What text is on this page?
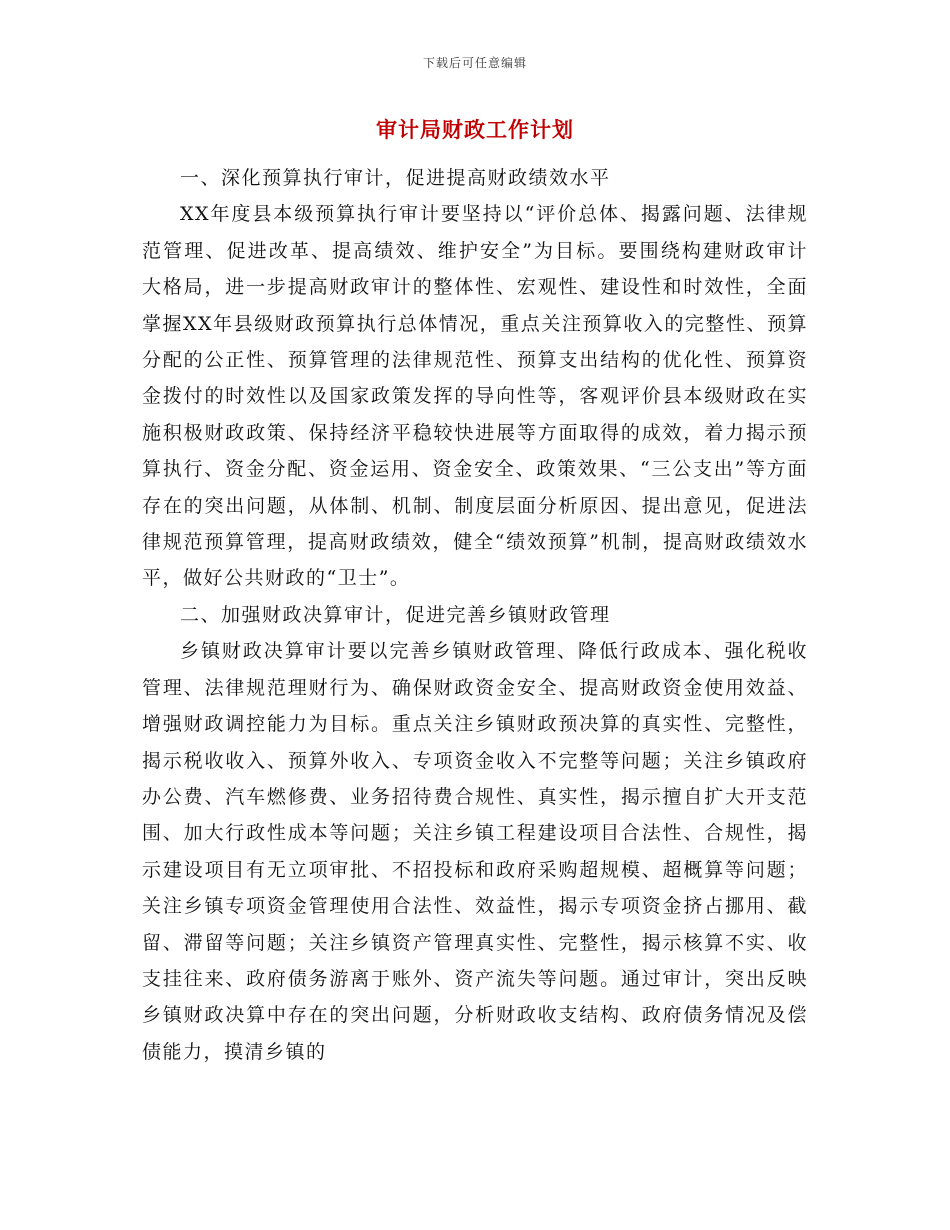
下载后可任意编辑
审计局财政工作计划

一、深化预算执行审计，促进提高财政绩效水平

XX年度县本级预算执行审计要坚持以“评价总体、揭露问题、法律规范管理、促进改革、提高绩效、维护安全”为目标。要围绕构建财政审计大格局，进一步提高财政审计的整体性、宏观性、建设性和时效性，全面掌握XX年县级财政预算执行总体情况，重点关注预算收入的完整性、预算分配的公正性、预算管理的法律规范性、预算支出结构的优化性、预算资金拨付的时效性以及国家政策发挥的导向性等，客观评价县本级财政在实施积极财政政策、保持经济平稳较快进展等方面取得的成效，着力揭示预算执行、资金分配、资金运用、资金安全、政策效果、“三公支出”等方面存在的突出问题，从体制、机制、制度层面分析原因、提出意见，促进法律规范预算管理，提高财政绩效，健全“绩效预算”机制，提高财政绩效水平，做好公共财政的“卫士”。

二、加强财政决算审计，促进完善乡镇财政管理

乡镇财政决算审计要以完善乡镇财政管理、降低行政成本、强化税收管理、法律规范理财行为、确保财政资金安全、提高财政资金使用效益、增强财政调控能力为目标。重点关注乡镇财政预决算的真实性、完整性，揭示税收收入、预算外收入、专项资金收入不完整等问题；关注乡镇政府办公费、汽车燃修费、业务招待费合规性、真实性，揭示擅自扩大开支范围、加大行政性成本等问题；关注乡镇工程建设项目合法性、合规性，揭示建设项目有无立项审批、不招投标和政府采购超规模、超概算等问题；关注乡镇专项资金管理使用合法性、效益性，揭示专项资金挤占挪用、截留、滞留等问题；关注乡镇资产管理真实性、完整性，揭示核算不实、收支挂往来、政府债务游离于账外、资产流失等问题。通过审计，突出反映乡镇财政决算中存在的突出问题，分析财政收支结构、政府债务情况及偿债能力，摸清乡镇的
